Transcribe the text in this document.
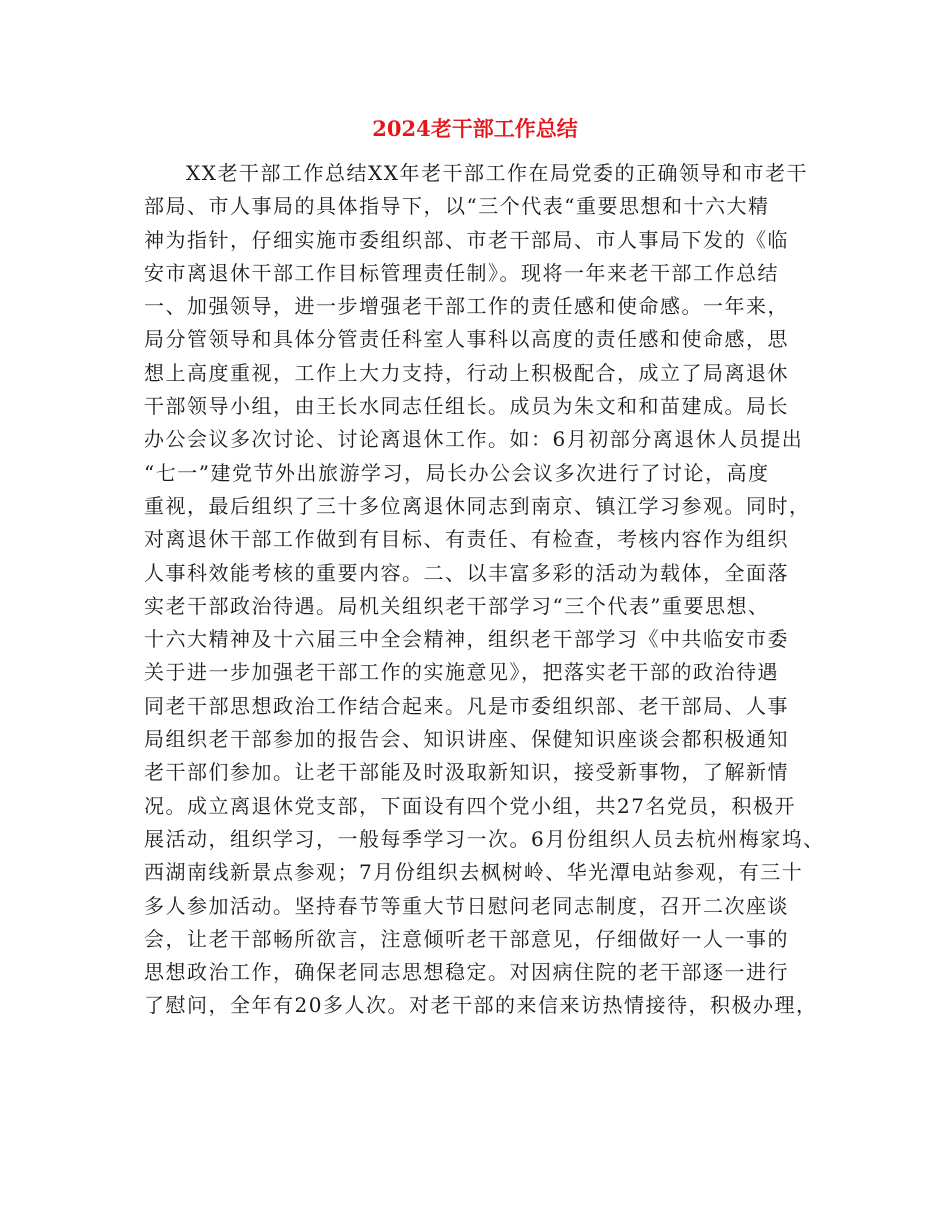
2024老干部工作总结
XX老干部工作总结XX年老干部工作在局党委的正确领导和市老干
部局、市人事局的具体指导下，以“三个代表“重要思想和十六大精
神为指针，仔细实施市委组织部、市老干部局、市人事局下发的《临
安市离退休干部工作目标管理责任制》。现将一年来老干部工作总结
一、加强领导，进一步增强老干部工作的责任感和使命感。一年来，
局分管领导和具体分管责任科室人事科以高度的责任感和使命感，思
想上高度重视，工作上大力支持，行动上积极配合，成立了局离退休
干部领导小组，由王长水同志任组长。成员为朱文和和苗建成。局长
办公会议多次讨论、讨论离退休工作。如：6月初部分离退休人员提出
“七一”建党节外出旅游学习，局长办公会议多次进行了讨论，高度
重视，最后组织了三十多位离退休同志到南京、镇江学习参观。同时，
对离退休干部工作做到有目标、有责任、有检查，考核内容作为组织
人事科效能考核的重要内容。二、以丰富多彩的活动为载体，全面落
实老干部政治待遇。局机关组织老干部学习“三个代表”重要思想、
十六大精神及十六届三中全会精神，组织老干部学习《中共临安市委
关于进一步加强老干部工作的实施意见》，把落实老干部的政治待遇
同老干部思想政治工作结合起来。凡是市委组织部、老干部局、人事
局组织老干部参加的报告会、知识讲座、保健知识座谈会都积极通知
老干部们参加。让老干部能及时汲取新知识，接受新事物，了解新情
况。成立离退休党支部，下面设有四个党小组，共27名党员，积极开
展活动，组织学习，一般每季学习一次。6月份组织人员去杭州梅家坞、
西湖南线新景点参观；7月份组织去枫树岭、华光潭电站参观，有三十
多人参加活动。坚持春节等重大节日慰问老同志制度，召开二次座谈
会，让老干部畅所欲言，注意倾听老干部意见，仔细做好一人一事的
思想政治工作，确保老同志思想稳定。对因病住院的老干部逐一进行
了慰问，全年有20多人次。对老干部的来信来访热情接待，积极办理，
